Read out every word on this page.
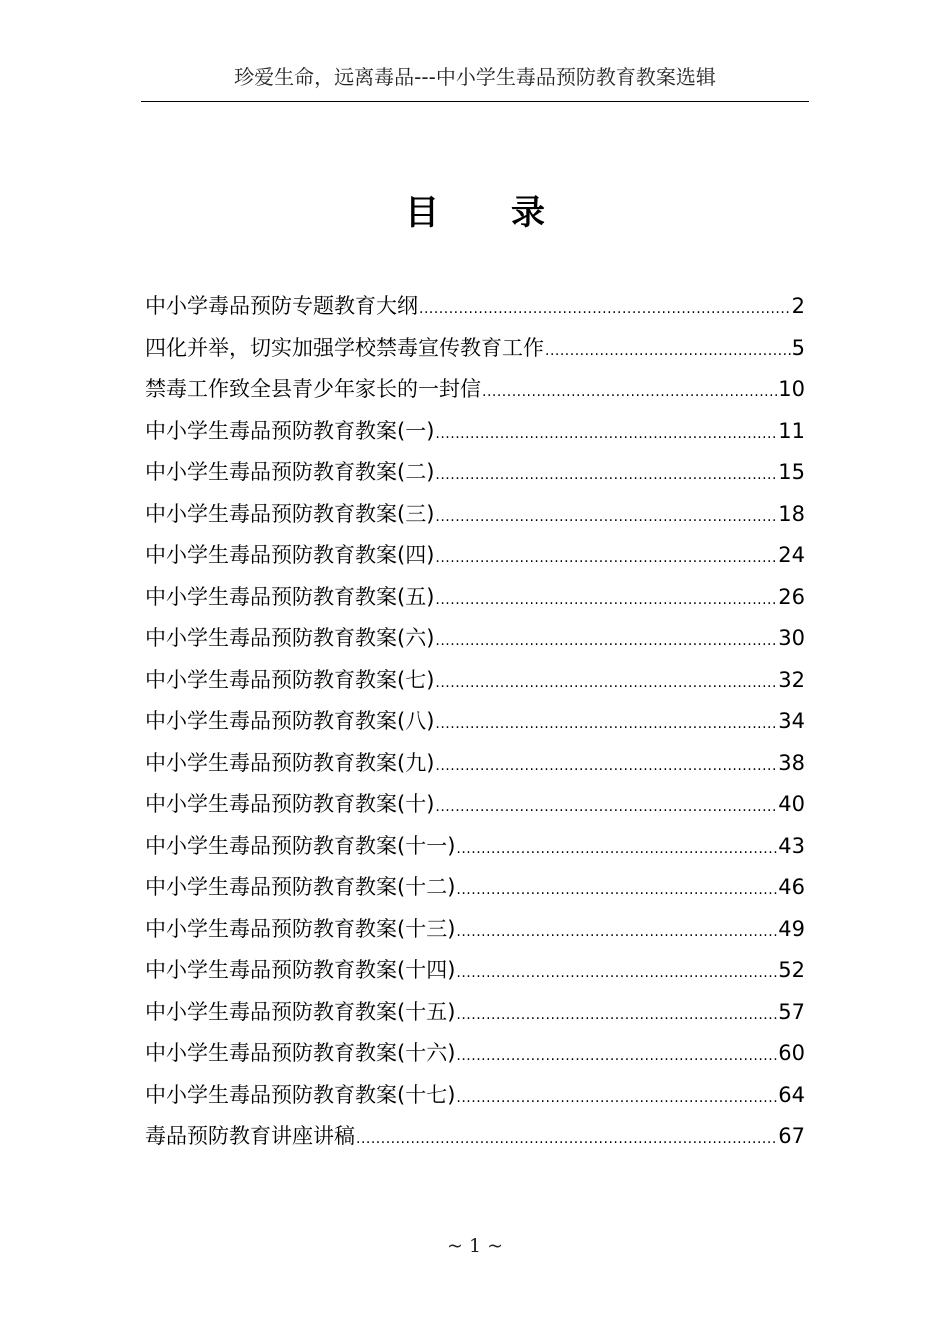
珍爱生命，远离毒品---中小学生毒品预防教育教案选辑
目 录
中小学毒品预防专题教育大纲 .....	2
四化并举，切实加强学校禁毒宣传教育工作 .....	5
禁毒工作致全县青少年家长的一封信 .....	10
中小学生毒品预防教育教案(一) .....	11
中小学生毒品预防教育教案(二) .....	15
中小学生毒品预防教育教案(三) .....	18
中小学生毒品预防教育教案(四) .....	24
中小学生毒品预防教育教案(五) .....	26
中小学生毒品预防教育教案(六) .....	30
中小学生毒品预防教育教案(七) .....	32
中小学生毒品预防教育教案(八) .....	34
中小学生毒品预防教育教案(九) .....	38
中小学生毒品预防教育教案(十) .....	40
中小学生毒品预防教育教案(十一) .....	43
中小学生毒品预防教育教案(十二) .....	46
中小学生毒品预防教育教案(十三) .....	49
中小学生毒品预防教育教案(十四) .....	52
中小学生毒品预防教育教案(十五) .....	57
中小学生毒品预防教育教案(十六) .....	60
中小学生毒品预防教育教案(十七) .....	64
毒品预防教育讲座讲稿 .....	67
~ 1 ~
